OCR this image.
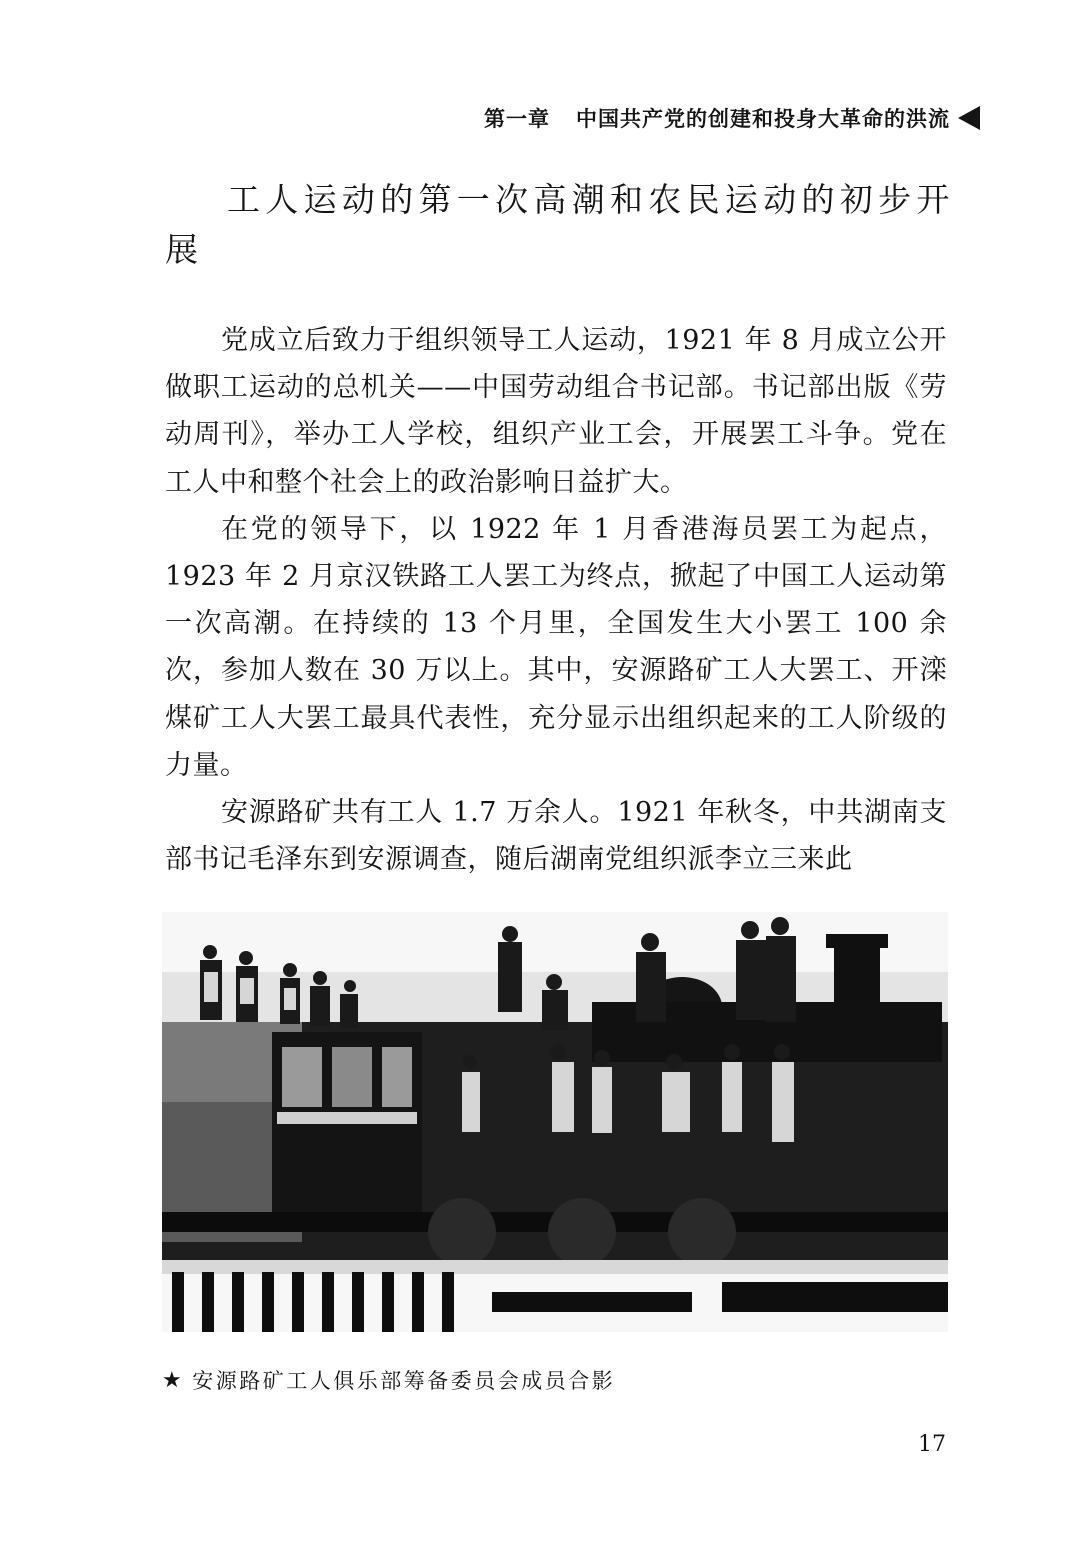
第一章 中国共产党的创建和投身大革命的洪流
工人运动的第一次高潮和农民运动的初步开展

党成立后致力于组织领导工人运动，1921 年 8 月成立公开做职工运动的总机关——中国劳动组合书记部。书记部出版《劳动周刊》，举办工人学校，组织产业工会，开展罢工斗争。党在工人中和整个社会上的政治影响日益扩大。

在党的领导下，以 1922 年 1 月香港海员罢工为起点，1923 年 2 月京汉铁路工人罢工为终点，掀起了中国工人运动第一次高潮。在持续的 13 个月里，全国发生大小罢工 100 余次，参加人数在 30 万以上。其中，安源路矿工人大罢工、开滦煤矿工人大罢工最具代表性，充分显示出组织起来的工人阶级的力量。

安源路矿共有工人 1.7 万余人。1921 年秋冬，中共湖南支部书记毛泽东到安源调查，随后湖南党组织派李立三来此

★ 安源路矿工人俱乐部筹备委员会成员合影
17
